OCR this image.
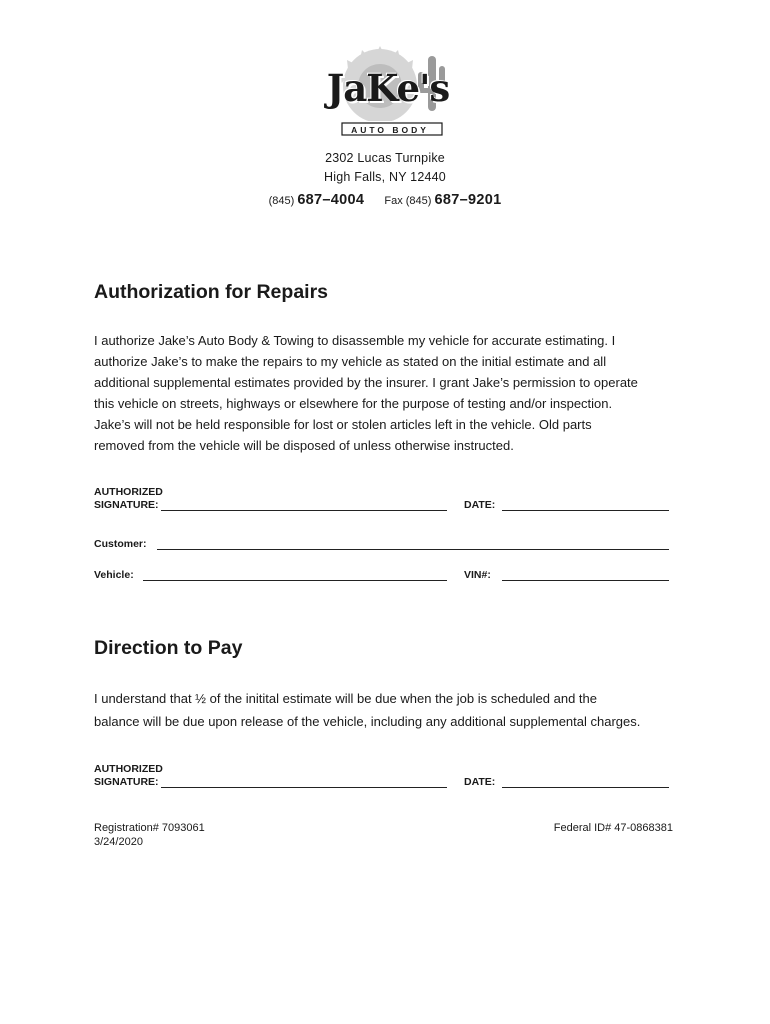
JaKe's
AUTO BODY
2302 Lucas Turnpike
High Falls, NY 12440
(845) 687–4004 Fax (845) 687–9201
Authorization for Repairs
I authorize Jake’s Auto Body & Towing to disassemble my vehicle for accurate estimating. I
authorize Jake’s to make the repairs to my vehicle as stated on the initial estimate and all
additional supplemental estimates provided by the insurer. I grant Jake’s permission to operate
this vehicle on streets, highways or elsewhere for the purpose of testing and/or inspection.
Jake’s will not be held responsible for lost or stolen articles left in the vehicle. Old parts
removed from the vehicle will be disposed of unless otherwise instructed.
AUTHORIZED
SIGNATURE:	DATE:
Customer:
Vehicle:	VIN#:
Direction to Pay
I understand that ½ of the initital estimate will be due when the job is scheduled and the
balance will be due upon release of the vehicle, including any additional supplemental charges.
AUTHORIZED
SIGNATURE:	DATE:
Registration# 7093061
3/24/2020
Federal ID# 47-0868381
